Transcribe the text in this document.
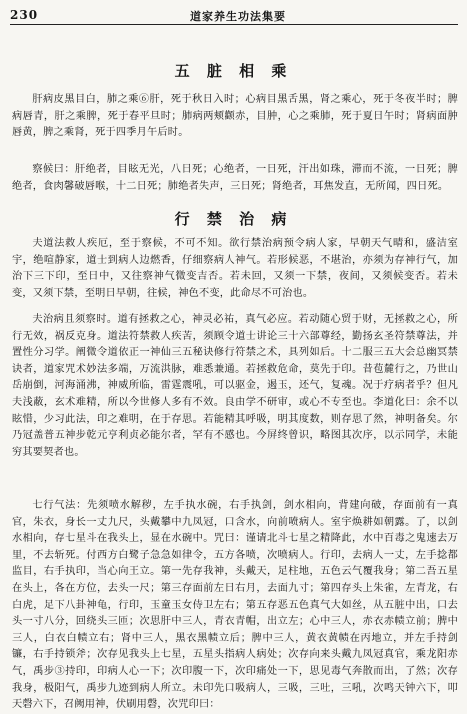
230	道家养生功法集要
五 脏 相 乘

肝病皮黑目白，肺之乘⑥肝，死于秋日入时；心病目黑舌黑，肾之乘心，死于冬夜半时；脾病唇青，肝之乘脾，死于春平旦时；肺病两颊颧赤，目肿，心之乘肺，死于夏日午时；肾病面肿唇黄，脾之乘肾，死于四季月午后时。

察候曰：肝绝者，目眩无光，八日死；心绝者，一日死，汗出如珠，滞而不流，一日死；脾绝者，食肉馨破唇喉，十二日死；肺绝者失声，三日死；肾绝者，耳焦发直，无所闻，四日死。

行 禁 治 病

夫道法救人疾厄，至于察候，不可不知。欲行禁治病预令病人家，早朝天气晴和，盛洁室宇，绝喧静家，道士到病人边燃香，仔细察病人神气。若形候恶，不堪治，亦须为存神行气，加治下三下印，至日中，又往察神气微变吉否。若未回，又须一下禁，夜间，又须候变否。若未变，又须下禁，至明日早朝，往候，神色不变，此命尽不可治也。

夫治病且须察时。道有拯救之心，神灵必祐，真气必应。若动随心贸于财，无拯救之心，所行无效，祸反克身。道法符禁救人疾苦，须顾令道士讲论三十六部尊经，勤扬玄圣符禁尊法，并置性分习学。阐微令道依正一神仙三五秘诀修行符禁之术，具列如后。十二服三五大会总幽冥禁诀者，道家咒术妙法多端，万流洪脉，难悉兼通。若拯救危命，莫先于印。昔苞麓行之，乃世山岳崩倒，河海涌沸，神威所临，雷霆震吼，可以驱金，遏玉，还气，复魂。况于疗病者乎？但凡夫浅蔽，玄术难精，所以今世修人多有不效。良由学不研审，或心不专至也。李道化曰：余不以眩惜，少习此法，印之难明，在于存思。若能精其呼吸，明其度数，则存思了然，神明备矣。尔乃冠盖普五神步乾元亨利贞必能尔者，罕有不感也。今屏终曾识，略图其次序，以示同学，未能穷其要契者也。

七行气法：先须喷水解秽，左手执水碗，右手执剑，剑水相向，背建向破，存面前有一真官，朱衣，身长一丈九尺，头戴攀中九凤冠，口含水，向前喷病人。室宇焕耕如朝露。了，以剑水相向，存七星斗在我头上，显在水碗中。咒曰：谨请北斗七星之精降此，水中百毒之鬼速去万里，不去斩死。付西方白鹭子急急如律令，五方各喷，次喷病人。行印，去病人一丈，左手捻都监目，右手执印，当心向王立。第一先存我神，头戴天，足柱地，五色云气覆我身；第二吾五星在头上，各在方位，去头一尺；第三存面前左日右月，去面九寸；第四存头上朱雀，左青龙，右白虎，足下八卦神龟，行印，玉童玉女侍卫左右；第五存恶五色真气大如丝，从五脏中出，口去头一寸八分，回绕头三匝；次思肝中三人，青衣青帽，出立左；心中三人，赤衣赤帻立前；脾中三人，白衣白帻立右；肾中三人，黑衣黑帻立后；脾中三人，黄衣黄帻在丙地立，并左手持剑镰，右手持锁斧；次存见我头上七星，五星头指病人病处；次存向来头戴九凤冠真官，乘龙阳赤气，禹步③持印，印病人心一下；次印腹一下，次印痛处一下，思见毒气奔散而出，了然；次存我身，极阳气，禹步九迹到病人所立。未印先口吸病人，三吸，三吐，三吼，次鸣天钟六下，叩天磬六下，召阙用神，伏刷用磬，次咒印曰：
